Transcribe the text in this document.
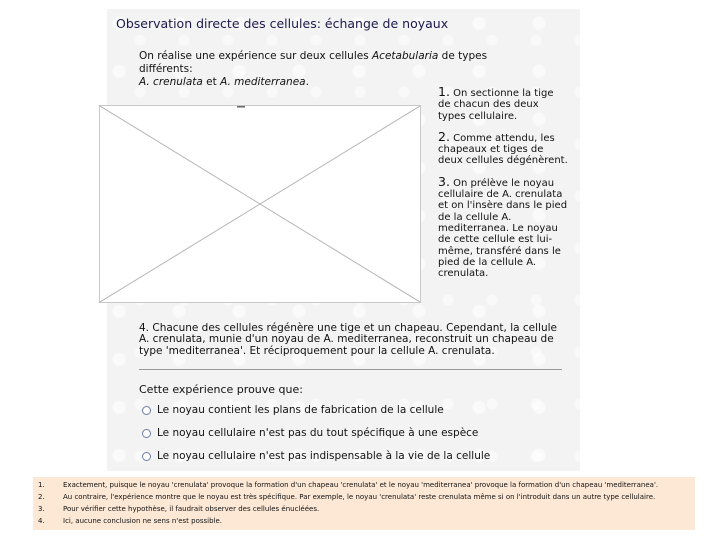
Observation directe des cellules: échange de noyaux
On réalise une expérience sur deux cellules Acetabularia de types différents:
A. crenulata et A. mediterranea.
1. On sectionne la tige de chacun des deux types cellulaire.
2. Comme attendu, les chapeaux et tiges de deux cellules dégénèrent.
3. On prélève le noyau cellulaire de A. crenulata et on l'insère dans le pied de la cellule A. mediterranea. Le noyau de cette cellule est lui-même, transféré dans le pied de la cellule A. crenulata.
4. Chacune des cellules régénère une tige et un chapeau. Cependant, la cellule A. crenulata, munie d'un noyau de A. mediterranea, reconstruit un chapeau de type 'mediterranea'. Et réciproquement pour la cellule A. crenulata.
Cette expérience prouve que:
Le noyau contient les plans de fabrication de la cellule
Le noyau cellulaire n'est pas du tout spécifique à une espèce
Le noyau cellulaire n'est pas indispensable à la vie de la cellule
1.	Exactement, puisque le noyau 'crenulata' provoque la formation d'un chapeau 'crenulata' et le noyau 'mediterranea' provoque la formation d'un chapeau 'mediterranea'.
2.	Au contraire, l'expérience montre que le noyau est très spécifique. Par exemple, le noyau 'crenulata' reste crenulata même si on l'introduit dans un autre type cellulaire.
3.	Pour vérifier cette hypothèse, il faudrait observer des cellules énucléées.
4.	Ici, aucune conclusion ne sens n'est possible.
